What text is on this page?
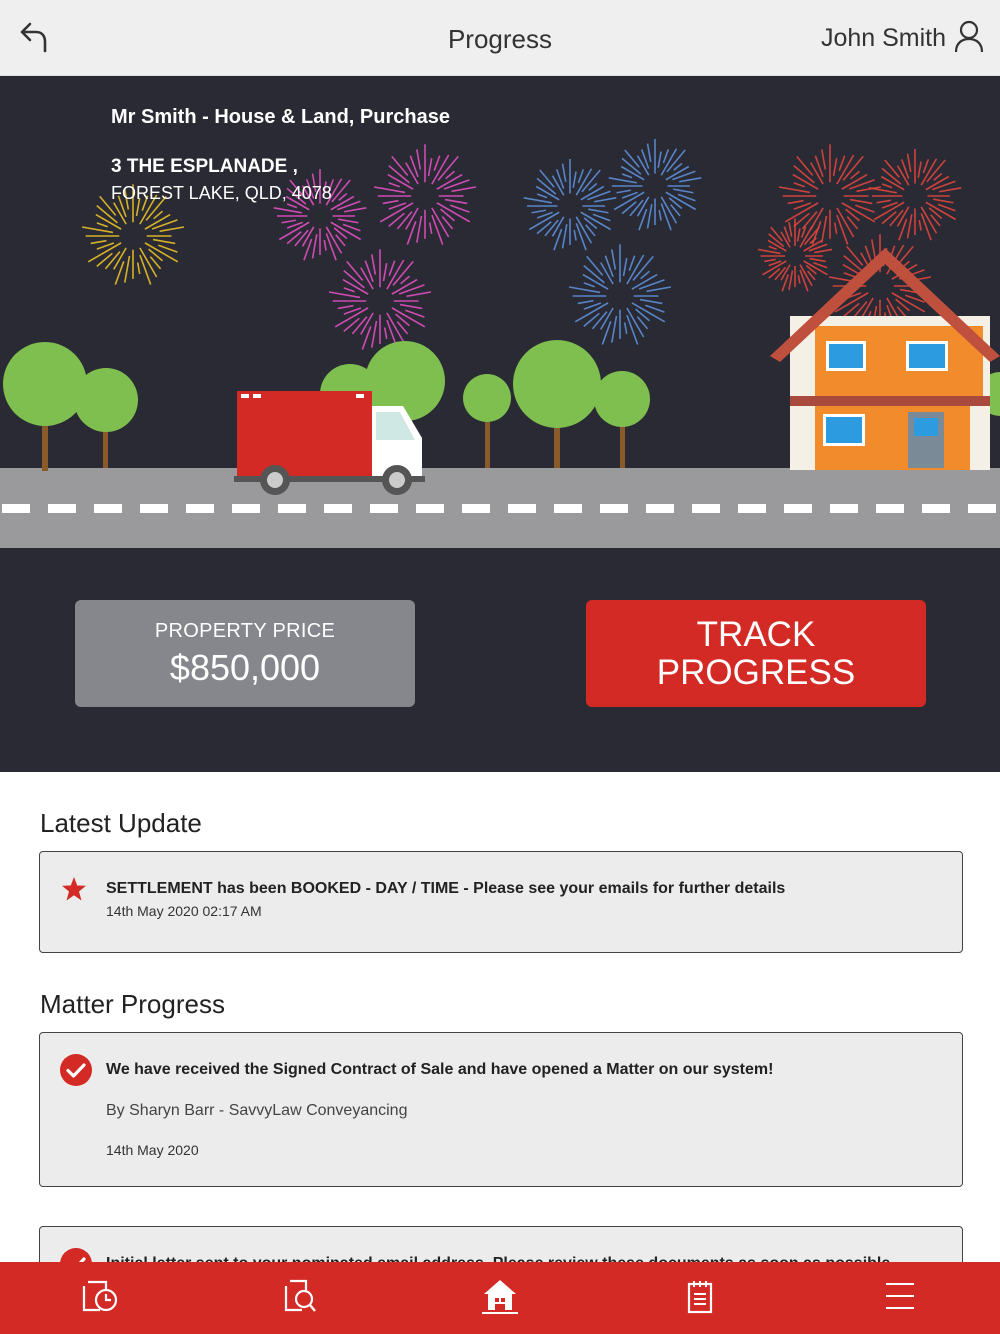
Progress	John Smith
Mr Smith - House & Land, Purchase
3 THE ESPLANADE ,
FOREST LAKE, QLD, 4078
PROPERTY PRICE
$850,000
TRACK
PROGRESS
Latest Update
SETTLEMENT has been BOOKED - DAY / TIME - Please see your emails for further details
14th May 2020 02:17 AM
Matter Progress
We have received the Signed Contract of Sale and have opened a Matter on our system!
By Sharyn Barr - SavvyLaw Conveyancing
14th May 2020
